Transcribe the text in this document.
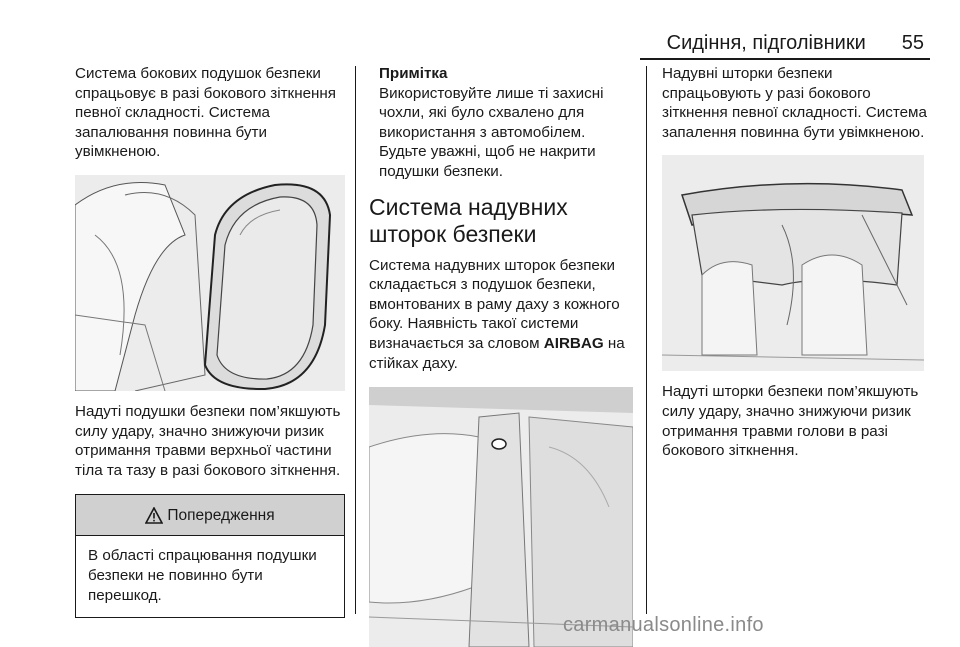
Сидіння, підголівники 55

Система бокових подушок безпеки спрацьовує в разі бокового зіткнення певної складності. Система запалювання повинна бути увімкненою.

Надуті подушки безпеки пом’якшують силу удару, значно знижуючи ризик отримання травми верхньої частини тіла та тазу в разі бокового зіткнення.

Попередження
В області спрацювання подушки безпеки не повинно бути перешкод.

Примітка

Використовуйте лише ті захисні чохли, які було схвалено для використання з автомобілем. Будьте уважні, щоб не накрити подушки безпеки.

Система надувних шторок безпеки

Система надувних шторок безпеки складається з подушок безпеки, вмонтованих в раму даху з кожного боку. Наявність такої системи визначається за словом AIRBAG на стійках даху.

Надувні шторки безпеки спрацьовують у разі бокового зіткнення певної складності. Система запалення повинна бути увімкненою.

Надуті шторки безпеки пом’якшують силу удару, значно знижуючи ризик отримання травми голови в разі бокового зіткнення.

carmanualsonline.info
